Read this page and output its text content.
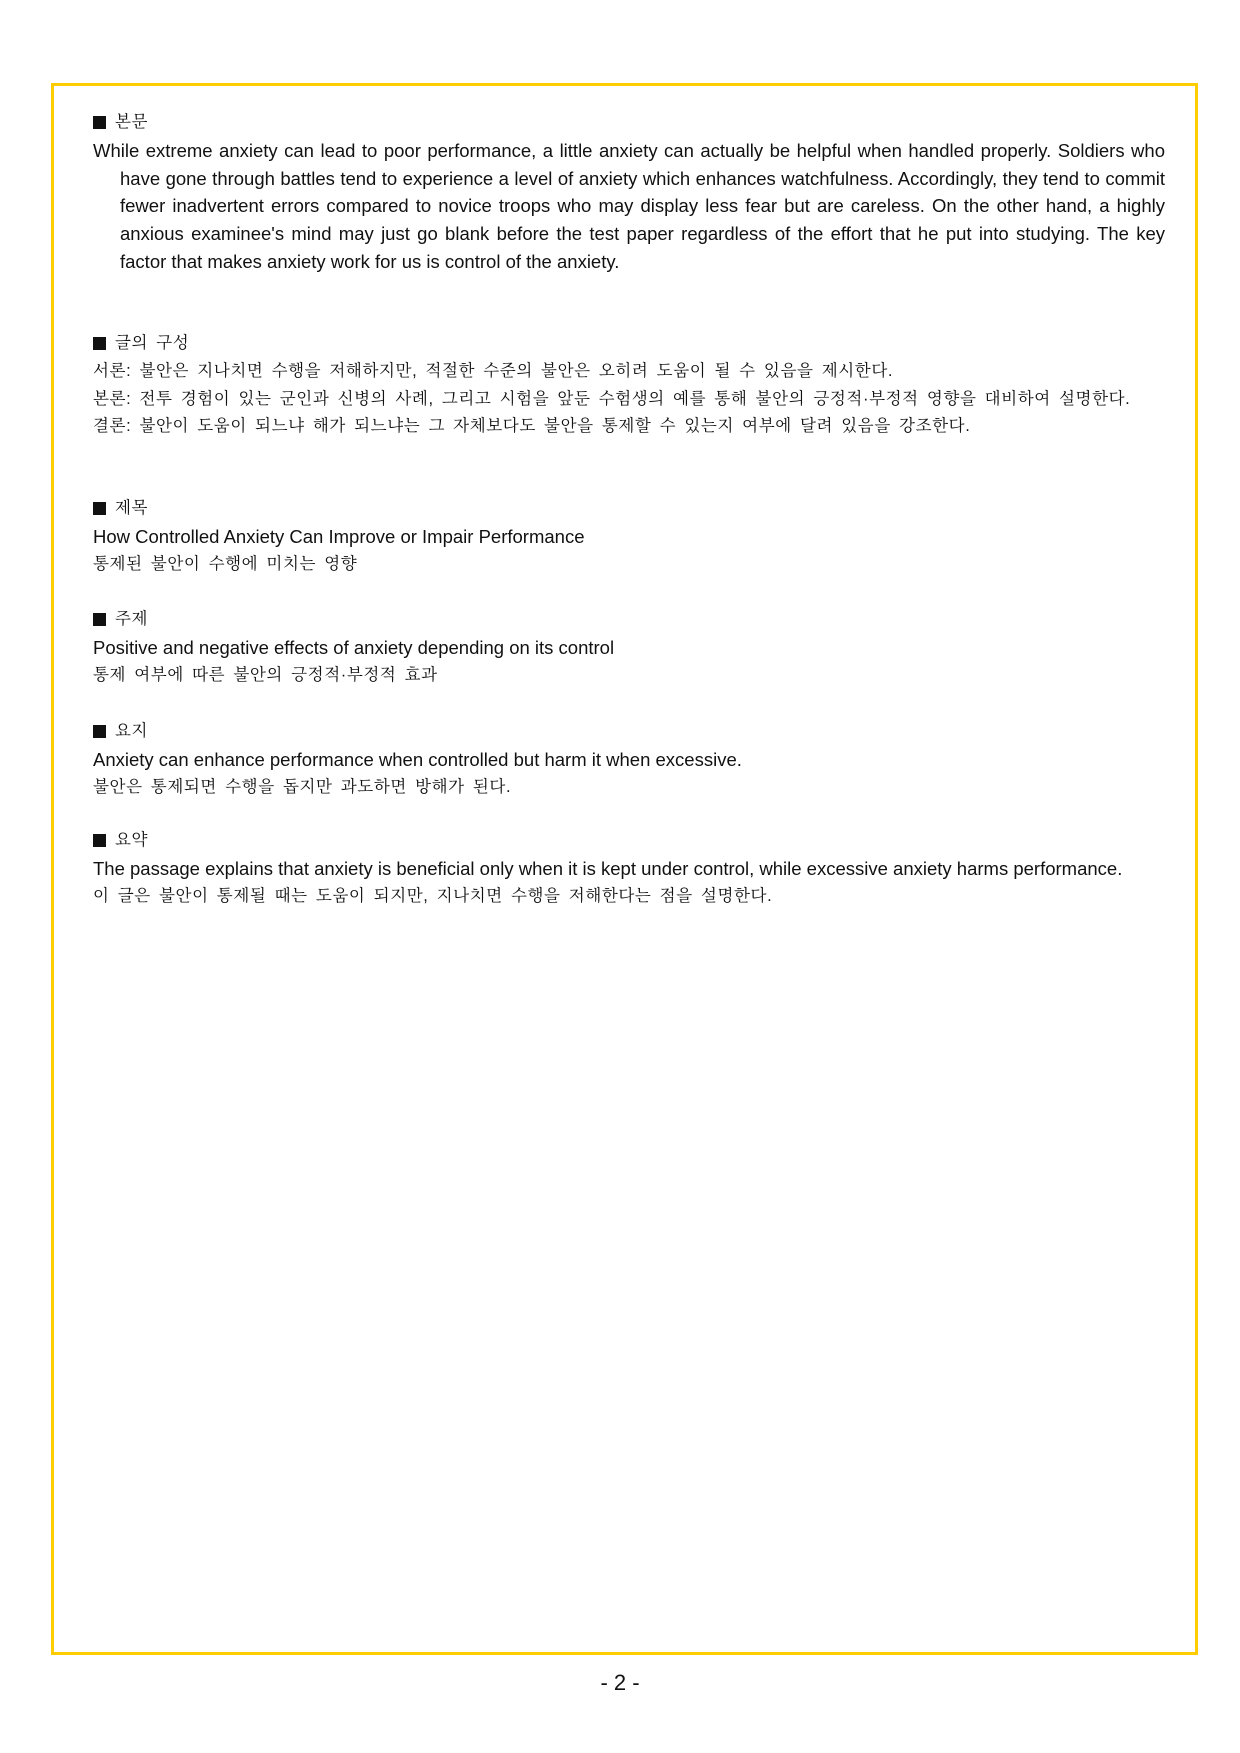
본문
While extreme anxiety can lead to poor performance, a little anxiety can actually be helpful when handled properly. Soldiers who have gone through battles tend to experience a level of anxiety which enhances watchfulness. Accordingly, they tend to commit fewer inadvertent errors compared to novice troops who may display less fear but are careless. On the other hand, a highly anxious examinee's mind may just go blank before the test paper regardless of the effort that he put into studying. The key factor that makes anxiety work for us is control of the anxiety.
글의 구성
서론: 불안은 지나치면 수행을 저해하지만, 적절한 수준의 불안은 오히려 도움이 될 수 있음을 제시한다.
본론: 전투 경험이 있는 군인과 신병의 사례, 그리고 시험을 앞둔 수험생의 예를 통해 불안의 긍정적·부정적 영향을 대비하여 설명한다.
결론: 불안이 도움이 되느냐 해가 되느냐는 그 자체보다도 불안을 통제할 수 있는지 여부에 달려 있음을 강조한다.
제목
How Controlled Anxiety Can Improve or Impair Performance
통제된 불안이 수행에 미치는 영향
주제
Positive and negative effects of anxiety depending on its control
통제 여부에 따른 불안의 긍정적·부정적 효과
요지
Anxiety can enhance performance when controlled but harm it when excessive.
불안은 통제되면 수행을 돕지만 과도하면 방해가 된다.
요약
The passage explains that anxiety is beneficial only when it is kept under control, while excessive anxiety harms performance.
이 글은 불안이 통제될 때는 도움이 되지만, 지나치면 수행을 저해한다는 점을 설명한다.
- 2 -
